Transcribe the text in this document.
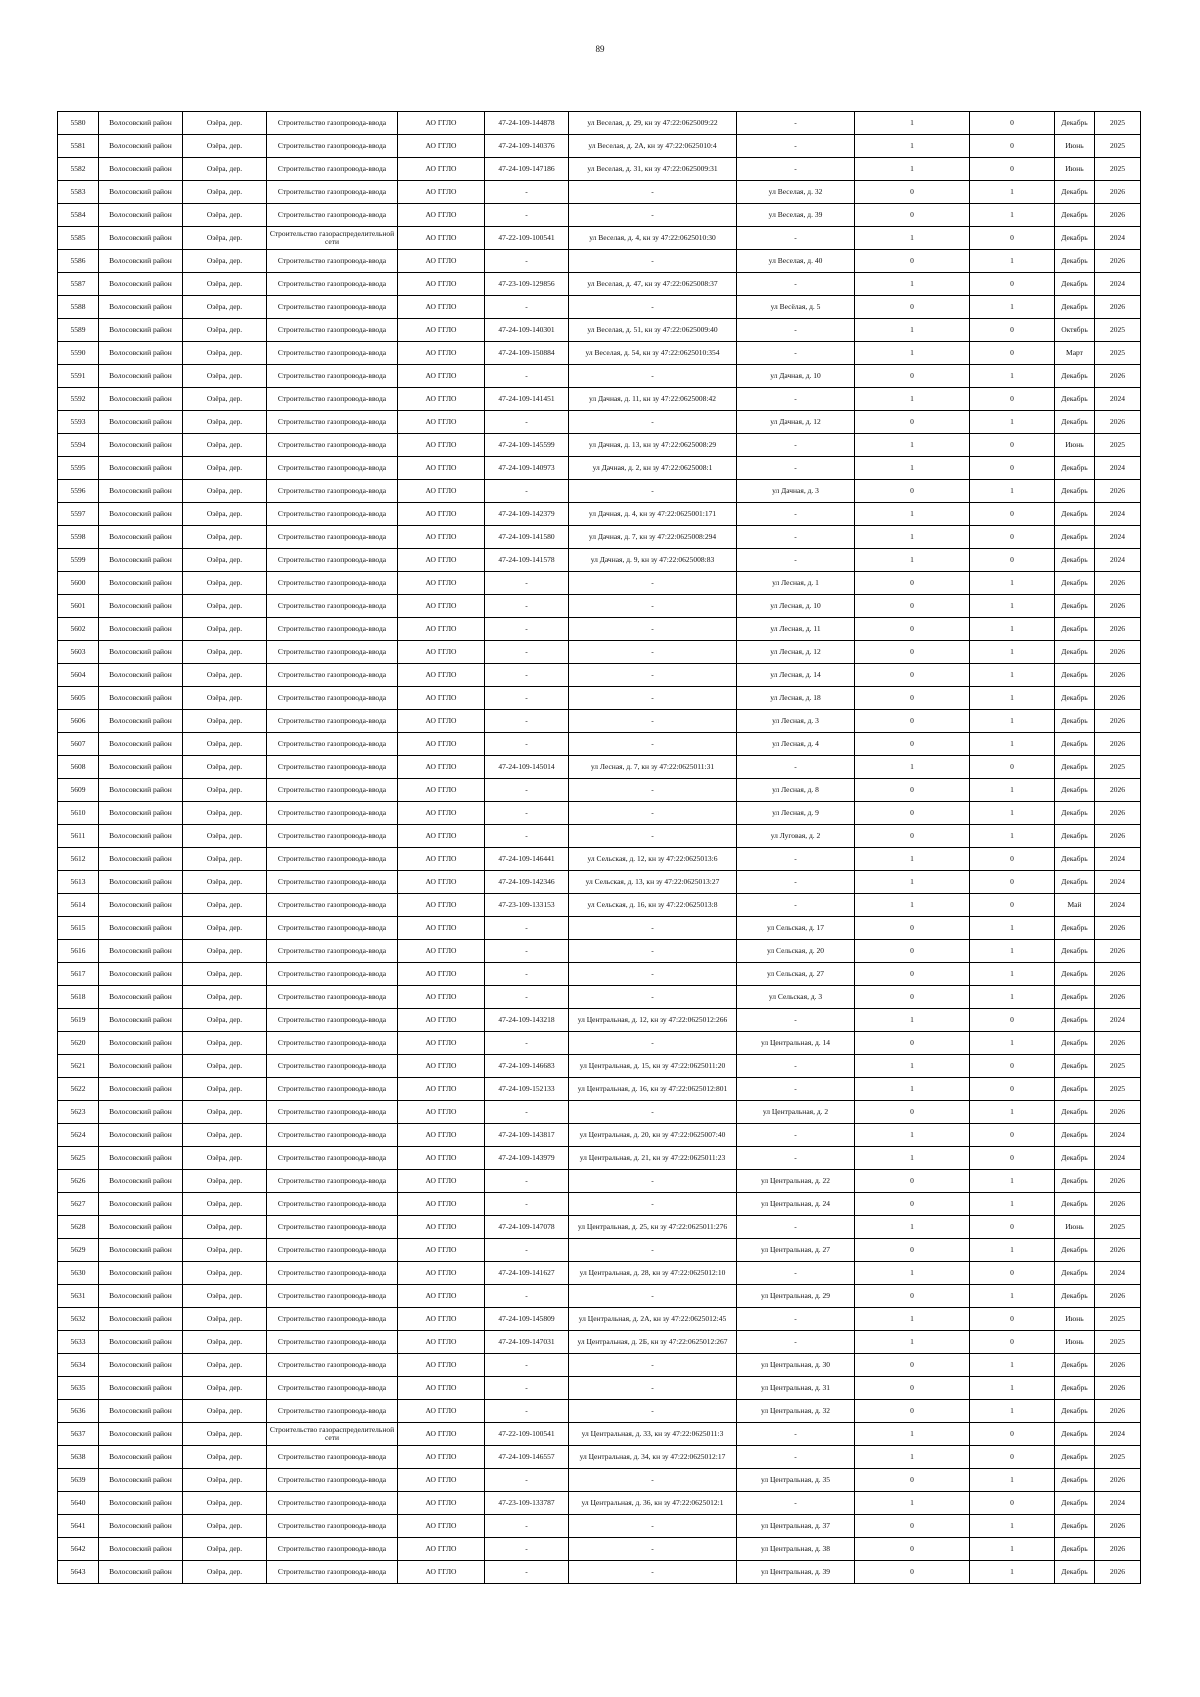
89
5580	Волосовский район	Озёра, дер.	Строительство газопровода-ввода	АО ГГЛО	47-24-109-144878	ул Веселая, д. 29, кн зу 47:22:0625009:22	-	1	0	Декабрь	2025
5581	Волосовский район	Озёра, дер.	Строительство газопровода-ввода	АО ГГЛО	47-24-109-140376	ул Веселая, д. 2А, кн зу 47:22:0625010:4	-	1	0	Июнь	2025
5582	Волосовский район	Озёра, дер.	Строительство газопровода-ввода	АО ГГЛО	47-24-109-147186	ул Веселая, д. 31, кн зу 47:22:0625009:31	-	1	0	Июнь	2025
5583	Волосовский район	Озёра, дер.	Строительство газопровода-ввода	АО ГГЛО	-	-	ул Веселая, д. 32	0	1	Декабрь	2026
5584	Волосовский район	Озёра, дер.	Строительство газопровода-ввода	АО ГГЛО	-	-	ул Веселая, д. 39	0	1	Декабрь	2026
5585	Волосовский район	Озёра, дер.	Строительство газораспределительной сети	АО ГГЛО	47-22-109-100541	ул Веселая, д. 4, кн зу 47:22:0625010:30	-	1	0	Декабрь	2024
5586	Волосовский район	Озёра, дер.	Строительство газопровода-ввода	АО ГГЛО	-	-	ул Веселая, д. 40	0	1	Декабрь	2026
5587	Волосовский район	Озёра, дер.	Строительство газопровода-ввода	АО ГГЛО	47-23-109-129856	ул Веселая, д. 47, кн зу 47:22:0625008:37	-	1	0	Декабрь	2024
5588	Волосовский район	Озёра, дер.	Строительство газопровода-ввода	АО ГГЛО	-	-	ул Весёлая, д. 5	0	1	Декабрь	2026
5589	Волосовский район	Озёра, дер.	Строительство газопровода-ввода	АО ГГЛО	47-24-109-140301	ул Веселая, д. 51, кн зу 47:22:0625009:40	-	1	0	Октябрь	2025
5590	Волосовский район	Озёра, дер.	Строительство газопровода-ввода	АО ГГЛО	47-24-109-150884	ул Веселая, д. 54, кн зу 47:22:0625010:354	-	1	0	Март	2025
5591	Волосовский район	Озёра, дер.	Строительство газопровода-ввода	АО ГГЛО	-	-	ул Дачная, д. 10	0	1	Декабрь	2026
5592	Волосовский район	Озёра, дер.	Строительство газопровода-ввода	АО ГГЛО	47-24-109-141451	ул Дачная, д. 11, кн зу 47:22:0625008:42	-	1	0	Декабрь	2024
5593	Волосовский район	Озёра, дер.	Строительство газопровода-ввода	АО ГГЛО	-	-	ул Дачная, д. 12	0	1	Декабрь	2026
5594	Волосовский район	Озёра, дер.	Строительство газопровода-ввода	АО ГГЛО	47-24-109-145599	ул Дачная, д. 13, кн зу 47:22:0625008:29	-	1	0	Июнь	2025
5595	Волосовский район	Озёра, дер.	Строительство газопровода-ввода	АО ГГЛО	47-24-109-140973	ул Дачная, д. 2, кн зу 47:22:0625008:1	-	1	0	Декабрь	2024
5596	Волосовский район	Озёра, дер.	Строительство газопровода-ввода	АО ГГЛО	-	-	ул Дачная, д. 3	0	1	Декабрь	2026
5597	Волосовский район	Озёра, дер.	Строительство газопровода-ввода	АО ГГЛО	47-24-109-142379	ул Дачная, д. 4, кн зу 47:22:0625001:171	-	1	0	Декабрь	2024
5598	Волосовский район	Озёра, дер.	Строительство газопровода-ввода	АО ГГЛО	47-24-109-141580	ул Дачная, д. 7, кн зу 47:22:0625008:294	-	1	0	Декабрь	2024
5599	Волосовский район	Озёра, дер.	Строительство газопровода-ввода	АО ГГЛО	47-24-109-141578	ул Дачная, д. 9, кн зу 47:22:0625008:83	-	1	0	Декабрь	2024
5600	Волосовский район	Озёра, дер.	Строительство газопровода-ввода	АО ГГЛО	-	-	ул Лесная, д. 1	0	1	Декабрь	2026
5601	Волосовский район	Озёра, дер.	Строительство газопровода-ввода	АО ГГЛО	-	-	ул Лесная, д. 10	0	1	Декабрь	2026
5602	Волосовский район	Озёра, дер.	Строительство газопровода-ввода	АО ГГЛО	-	-	ул Лесная, д. 11	0	1	Декабрь	2026
5603	Волосовский район	Озёра, дер.	Строительство газопровода-ввода	АО ГГЛО	-	-	ул Лесная, д. 12	0	1	Декабрь	2026
5604	Волосовский район	Озёра, дер.	Строительство газопровода-ввода	АО ГГЛО	-	-	ул Лесная, д. 14	0	1	Декабрь	2026
5605	Волосовский район	Озёра, дер.	Строительство газопровода-ввода	АО ГГЛО	-	-	ул Лесная, д. 18	0	1	Декабрь	2026
5606	Волосовский район	Озёра, дер.	Строительство газопровода-ввода	АО ГГЛО	-	-	ул Лесная, д. 3	0	1	Декабрь	2026
5607	Волосовский район	Озёра, дер.	Строительство газопровода-ввода	АО ГГЛО	-	-	ул Лесная, д. 4	0	1	Декабрь	2026
5608	Волосовский район	Озёра, дер.	Строительство газопровода-ввода	АО ГГЛО	47-24-109-145014	ул Лесная, д. 7, кн зу 47:22:0625011:31	-	1	0	Декабрь	2025
5609	Волосовский район	Озёра, дер.	Строительство газопровода-ввода	АО ГГЛО	-	-	ул Лесная, д. 8	0	1	Декабрь	2026
5610	Волосовский район	Озёра, дер.	Строительство газопровода-ввода	АО ГГЛО	-	-	ул Лесная, д. 9	0	1	Декабрь	2026
5611	Волосовский район	Озёра, дер.	Строительство газопровода-ввода	АО ГГЛО	-	-	ул Луговая, д. 2	0	1	Декабрь	2026
5612	Волосовский район	Озёра, дер.	Строительство газопровода-ввода	АО ГГЛО	47-24-109-146441	ул Сельская, д. 12, кн зу 47:22:0625013:6	-	1	0	Декабрь	2024
5613	Волосовский район	Озёра, дер.	Строительство газопровода-ввода	АО ГГЛО	47-24-109-142346	ул Сельская, д. 13, кн зу 47:22:0625013:27	-	1	0	Декабрь	2024
5614	Волосовский район	Озёра, дер.	Строительство газопровода-ввода	АО ГГЛО	47-23-109-133153	ул Сельская, д. 16, кн зу 47:22:0625013:8	-	1	0	Май	2024
5615	Волосовский район	Озёра, дер.	Строительство газопровода-ввода	АО ГГЛО	-	-	ул Сельская, д. 17	0	1	Декабрь	2026
5616	Волосовский район	Озёра, дер.	Строительство газопровода-ввода	АО ГГЛО	-	-	ул Сельская, д. 20	0	1	Декабрь	2026
5617	Волосовский район	Озёра, дер.	Строительство газопровода-ввода	АО ГГЛО	-	-	ул Сельская, д. 27	0	1	Декабрь	2026
5618	Волосовский район	Озёра, дер.	Строительство газопровода-ввода	АО ГГЛО	-	-	ул Сельская, д. 3	0	1	Декабрь	2026
5619	Волосовский район	Озёра, дер.	Строительство газопровода-ввода	АО ГГЛО	47-24-109-143218	ул Центральная, д. 12, кн зу 47:22:0625012:266	-	1	0	Декабрь	2024
5620	Волосовский район	Озёра, дер.	Строительство газопровода-ввода	АО ГГЛО	-	-	ул Центральная, д. 14	0	1	Декабрь	2026
5621	Волосовский район	Озёра, дер.	Строительство газопровода-ввода	АО ГГЛО	47-24-109-146683	ул Центральная, д. 15, кн зу 47:22:0625011:20	-	1	0	Декабрь	2025
5622	Волосовский район	Озёра, дер.	Строительство газопровода-ввода	АО ГГЛО	47-24-109-152133	ул Центральная, д. 16, кн зу 47:22:0625012:801	-	1	0	Декабрь	2025
5623	Волосовский район	Озёра, дер.	Строительство газопровода-ввода	АО ГГЛО	-	-	ул Центральная, д. 2	0	1	Декабрь	2026
5624	Волосовский район	Озёра, дер.	Строительство газопровода-ввода	АО ГГЛО	47-24-109-143817	ул Центральная, д. 20, кн зу 47:22:0625007:40	-	1	0	Декабрь	2024
5625	Волосовский район	Озёра, дер.	Строительство газопровода-ввода	АО ГГЛО	47-24-109-143979	ул Центральная, д. 21, кн зу 47:22:0625011:23	-	1	0	Декабрь	2024
5626	Волосовский район	Озёра, дер.	Строительство газопровода-ввода	АО ГГЛО	-	-	ул Центральная, д. 22	0	1	Декабрь	2026
5627	Волосовский район	Озёра, дер.	Строительство газопровода-ввода	АО ГГЛО	-	-	ул Центральная, д. 24	0	1	Декабрь	2026
5628	Волосовский район	Озёра, дер.	Строительство газопровода-ввода	АО ГГЛО	47-24-109-147078	ул Центральная, д. 25, кн зу 47:22:0625011:276	-	1	0	Июнь	2025
5629	Волосовский район	Озёра, дер.	Строительство газопровода-ввода	АО ГГЛО	-	-	ул Центральная, д. 27	0	1	Декабрь	2026
5630	Волосовский район	Озёра, дер.	Строительство газопровода-ввода	АО ГГЛО	47-24-109-141627	ул Центральная, д. 28, кн зу 47:22:0625012:10	-	1	0	Декабрь	2024
5631	Волосовский район	Озёра, дер.	Строительство газопровода-ввода	АО ГГЛО	-	-	ул Центральная, д. 29	0	1	Декабрь	2026
5632	Волосовский район	Озёра, дер.	Строительство газопровода-ввода	АО ГГЛО	47-24-109-145809	ул Центральная, д. 2А, кн зу 47:22:0625012:45	-	1	0	Июнь	2025
5633	Волосовский район	Озёра, дер.	Строительство газопровода-ввода	АО ГГЛО	47-24-109-147031	ул Центральная, д. 2Б, кн зу 47:22:0625012:267	-	1	0	Июнь	2025
5634	Волосовский район	Озёра, дер.	Строительство газопровода-ввода	АО ГГЛО	-	-	ул Центральная, д. 30	0	1	Декабрь	2026
5635	Волосовский район	Озёра, дер.	Строительство газопровода-ввода	АО ГГЛО	-	-	ул Центральная, д. 31	0	1	Декабрь	2026
5636	Волосовский район	Озёра, дер.	Строительство газопровода-ввода	АО ГГЛО	-	-	ул Центральная, д. 32	0	1	Декабрь	2026
5637	Волосовский район	Озёра, дер.	Строительство газораспределительной сети	АО ГГЛО	47-22-109-100541	ул Центральная, д. 33, кн зу 47:22:0625011:3	-	1	0	Декабрь	2024
5638	Волосовский район	Озёра, дер.	Строительство газопровода-ввода	АО ГГЛО	47-24-109-146557	ул Центральная, д. 34, кн зу 47:22:0625012:17	-	1	0	Декабрь	2025
5639	Волосовский район	Озёра, дер.	Строительство газопровода-ввода	АО ГГЛО	-	-	ул Центральная, д. 35	0	1	Декабрь	2026
5640	Волосовский район	Озёра, дер.	Строительство газопровода-ввода	АО ГГЛО	47-23-109-133787	ул Центральная, д. 36, кн зу 47:22:0625012:1	-	1	0	Декабрь	2024
5641	Волосовский район	Озёра, дер.	Строительство газопровода-ввода	АО ГГЛО	-	-	ул Центральная, д. 37	0	1	Декабрь	2026
5642	Волосовский район	Озёра, дер.	Строительство газопровода-ввода	АО ГГЛО	-	-	ул Центральная, д. 38	0	1	Декабрь	2026
5643	Волосовский район	Озёра, дер.	Строительство газопровода-ввода	АО ГГЛО	-	-	ул Центральная, д. 39	0	1	Декабрь	2026
